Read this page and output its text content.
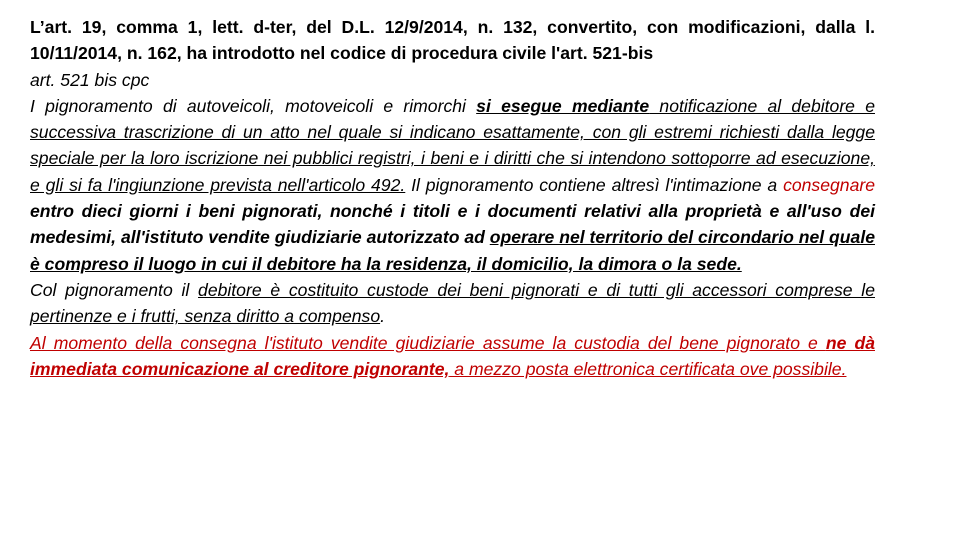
L’art. 19, comma 1, lett. d-ter, del D.L. 12/9/2014, n. 132, convertito, con modificazioni, dalla l. 10/11/2014, n. 162, ha introdotto nel codice di procedura civile l'art. 521-bis

art. 521 bis cpc

I pignoramento di autoveicoli, motoveicoli e rimorchi si esegue mediante notificazione al debitore e successiva trascrizione di un atto nel quale si indicano esattamente, con gli estremi richiesti dalla legge speciale per la loro iscrizione nei pubblici registri, i beni e i diritti che si intendono sottoporre ad esecuzione, e gli si fa l'ingiunzione prevista nell'articolo 492. Il pignoramento contiene altresì l'intimazione a consegnare entro dieci giorni i beni pignorati, nonché i titoli e i documenti relativi alla proprietà e all'uso dei medesimi, all'istituto vendite giudiziarie autorizzato ad operare nel territorio del circondario nel quale è compreso il luogo in cui il debitore ha la residenza, il domicilio, la dimora o la sede.

Col pignoramento il debitore è costituito custode dei beni pignorati e di tutti gli accessori comprese le pertinenze e i frutti, senza diritto a compenso.

Al momento della consegna l'istituto vendite giudiziarie assume la custodia del bene pignorato e ne dà immediata comunicazione al creditore pignorante, a mezzo posta elettronica certificata ove possibile.
